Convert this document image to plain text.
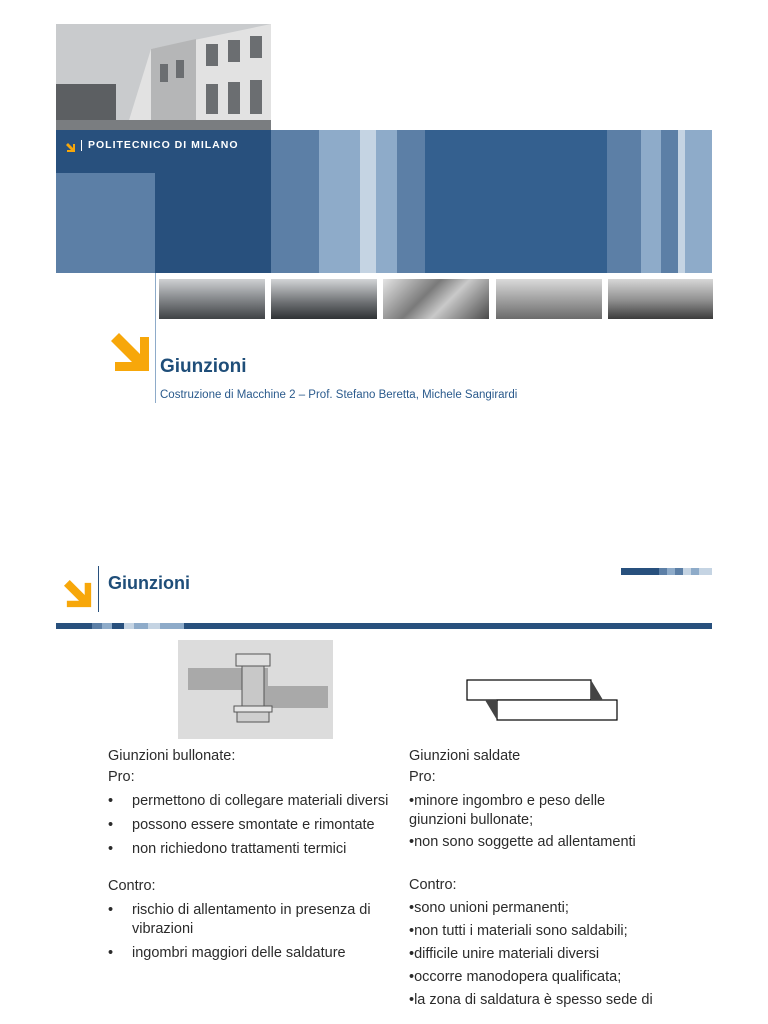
POLITECNICO DI MILANO
Giunzioni
Costruzione di Macchine 2 – Prof. Stefano Beretta, Michele Sangirardi
Giunzioni
Giunzioni bullonate:
Pro:
• permettono di collegare materiali diversi
• possono essere smontate e rimontate
• non richiedono trattamenti termici
Contro:
• rischio di allentamento in presenza di vibrazioni
• ingombri maggiori delle saldature
Giunzioni saldate
Pro:
•minore ingombro e peso delle giunzioni bullonate;
•non sono soggette ad allentamenti
Contro:
•sono unioni permanenti;
•non tutti i materiali sono saldabili;
•difficile unire materiali diversi
•occorre manodopera qualificata;
•la zona di saldatura è spesso sede di
